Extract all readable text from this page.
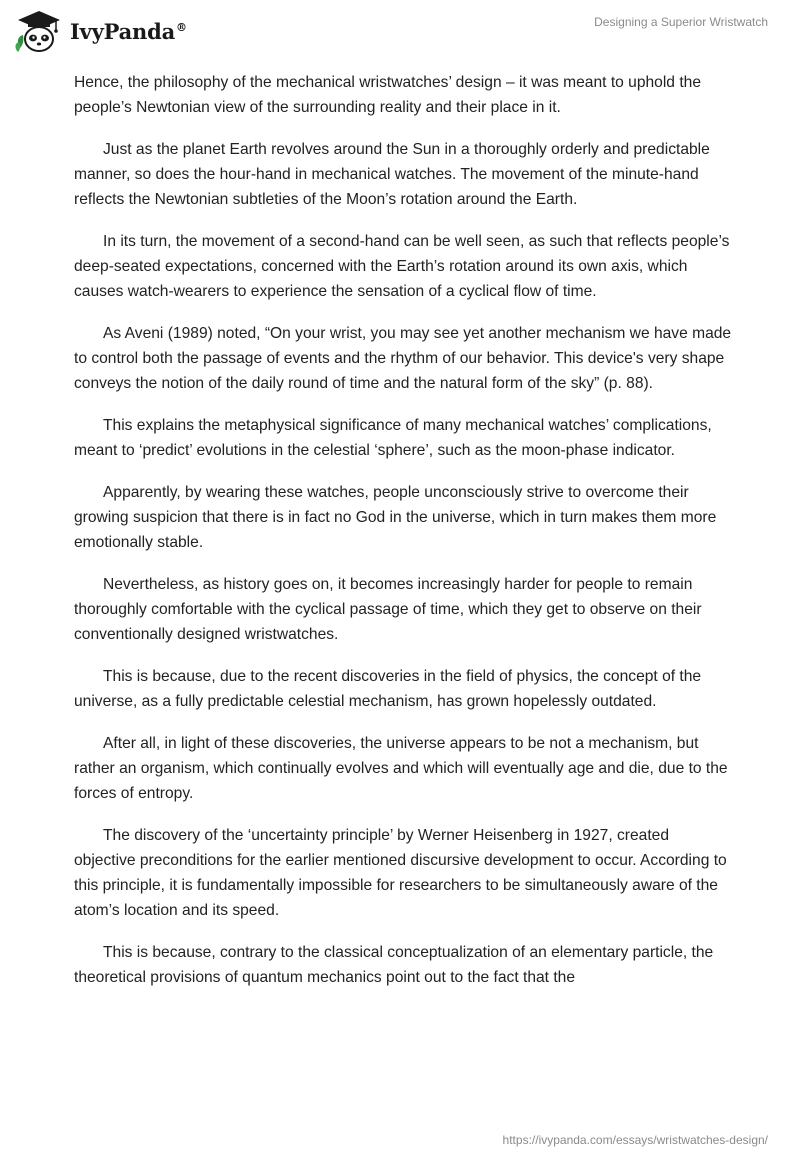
IvyPanda®	Designing a Superior Wristwatch

Hence, the philosophy of the mechanical wristwatches’ design – it was meant to uphold the people’s Newtonian view of the surrounding reality and their place in it.

Just as the planet Earth revolves around the Sun in a thoroughly orderly and predictable manner, so does the hour-hand in mechanical watches. The movement of the minute-hand reflects the Newtonian subtleties of the Moon’s rotation around the Earth.

In its turn, the movement of a second-hand can be well seen, as such that reflects people’s deep-seated expectations, concerned with the Earth’s rotation around its own axis, which causes watch-wearers to experience the sensation of a cyclical flow of time.

As Aveni (1989) noted, “On your wrist, you may see yet another mechanism we have made to control both the passage of events and the rhythm of our behavior. This device's very shape conveys the notion of the daily round of time and the natural form of the sky” (p. 88).

This explains the metaphysical significance of many mechanical watches’ complications, meant to ‘predict’ evolutions in the celestial ‘sphere’, such as the moon-phase indicator.

Apparently, by wearing these watches, people unconsciously strive to overcome their growing suspicion that there is in fact no God in the universe, which in turn makes them more emotionally stable.

Nevertheless, as history goes on, it becomes increasingly harder for people to remain thoroughly comfortable with the cyclical passage of time, which they get to observe on their conventionally designed wristwatches.

This is because, due to the recent discoveries in the field of physics, the concept of the universe, as a fully predictable celestial mechanism, has grown hopelessly outdated.

After all, in light of these discoveries, the universe appears to be not a mechanism, but rather an organism, which continually evolves and which will eventually age and die, due to the forces of entropy.

The discovery of the ‘uncertainty principle’ by Werner Heisenberg in 1927, created objective preconditions for the earlier mentioned discursive development to occur. According to this principle, it is fundamentally impossible for researchers to be simultaneously aware of the atom’s location and its speed.

This is because, contrary to the classical conceptualization of an elementary particle, the theoretical provisions of quantum mechanics point out to the fact that the

https://ivypanda.com/essays/wristwatches-design/
